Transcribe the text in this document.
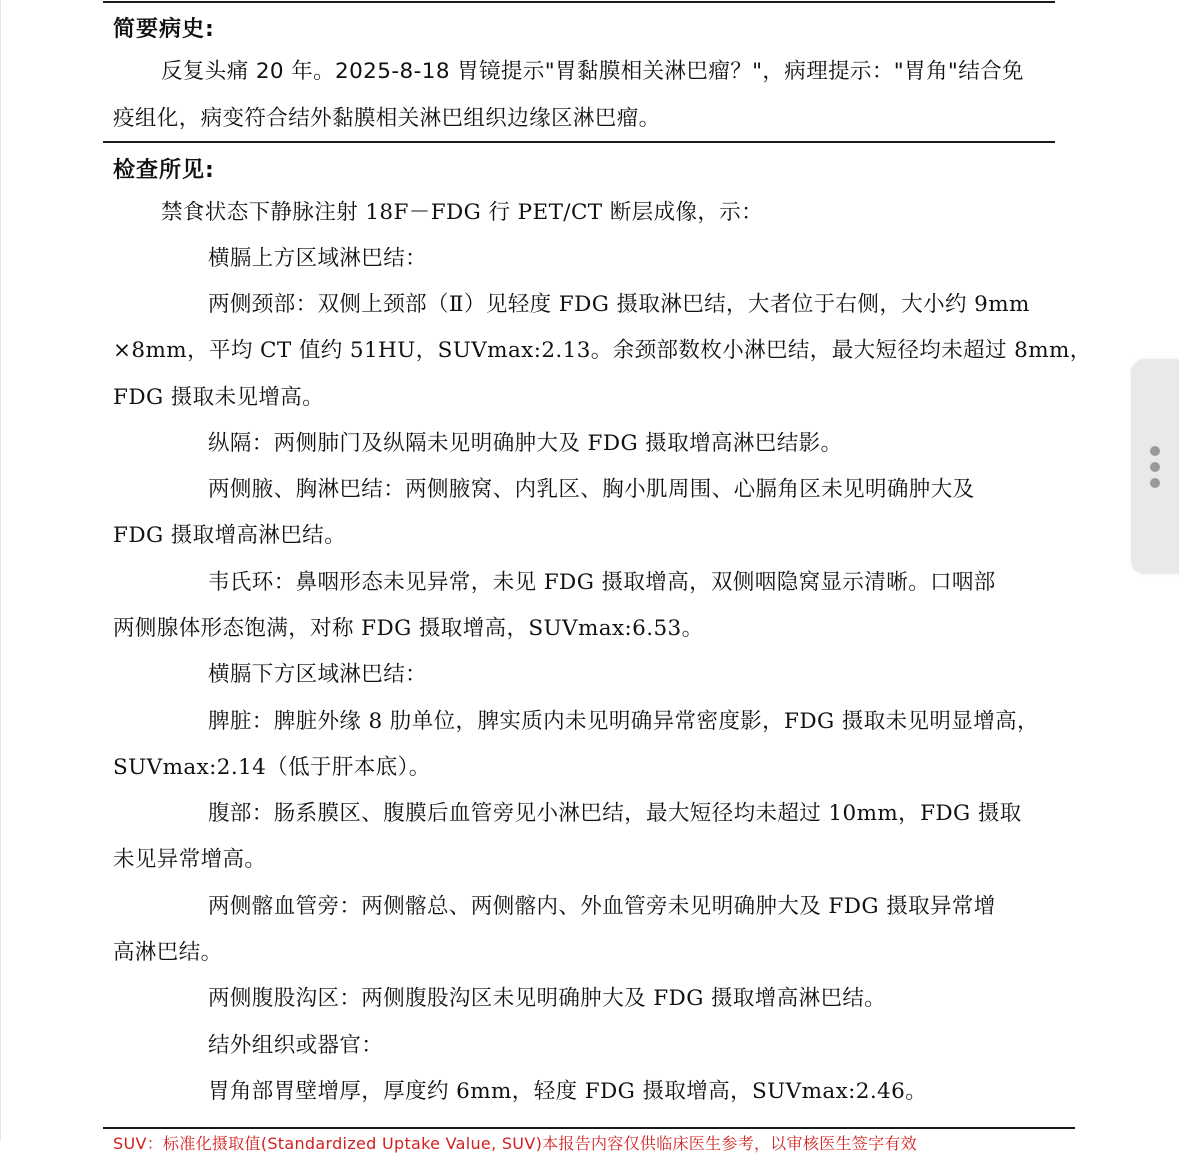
简要病史:
反复头痛 20 年。2025-8-18 胃镜提示"胃黏膜相关淋巴瘤？"，病理提示："胃角"结合免
疫组化，病变符合结外黏膜相关淋巴组织边缘区淋巴瘤。
检查所见:
禁食状态下静脉注射 18F－FDG 行 PET/CT 断层成像，示：
横膈上方区域淋巴结：
两侧颈部：双侧上颈部（Ⅱ）见轻度 FDG 摄取淋巴结，大者位于右侧，大小约 9mm
×8mm，平均 CT 值约 51HU，SUVmax:2.13。余颈部数枚小淋巴结，最大短径均未超过 8mm，
FDG 摄取未见增高。
纵隔：两侧肺门及纵隔未见明确肿大及 FDG 摄取增高淋巴结影。
两侧腋、胸淋巴结：两侧腋窝、内乳区、胸小肌周围、心膈角区未见明确肿大及
FDG 摄取增高淋巴结。
韦氏环：鼻咽形态未见异常，未见 FDG 摄取增高，双侧咽隐窝显示清晰。口咽部
两侧腺体形态饱满，对称 FDG 摄取增高，SUVmax:6.53。
横膈下方区域淋巴结：
脾脏：脾脏外缘 8 肋单位，脾实质内未见明确异常密度影，FDG 摄取未见明显增高，
SUVmax:2.14（低于肝本底）。
腹部：肠系膜区、腹膜后血管旁见小淋巴结，最大短径均未超过 10mm，FDG 摄取
未见异常增高。
两侧髂血管旁：两侧髂总、两侧髂内、外血管旁未见明确肿大及 FDG 摄取异常增
高淋巴结。
两侧腹股沟区：两侧腹股沟区未见明确肿大及 FDG 摄取增高淋巴结。
结外组织或器官：
胃角部胃壁增厚，厚度约 6mm，轻度 FDG 摄取增高，SUVmax:2.46。
SUV：标准化摄取值(Standardized Uptake Value, SUV)本报告内容仅供临床医生参考，以审核医生签字有效
